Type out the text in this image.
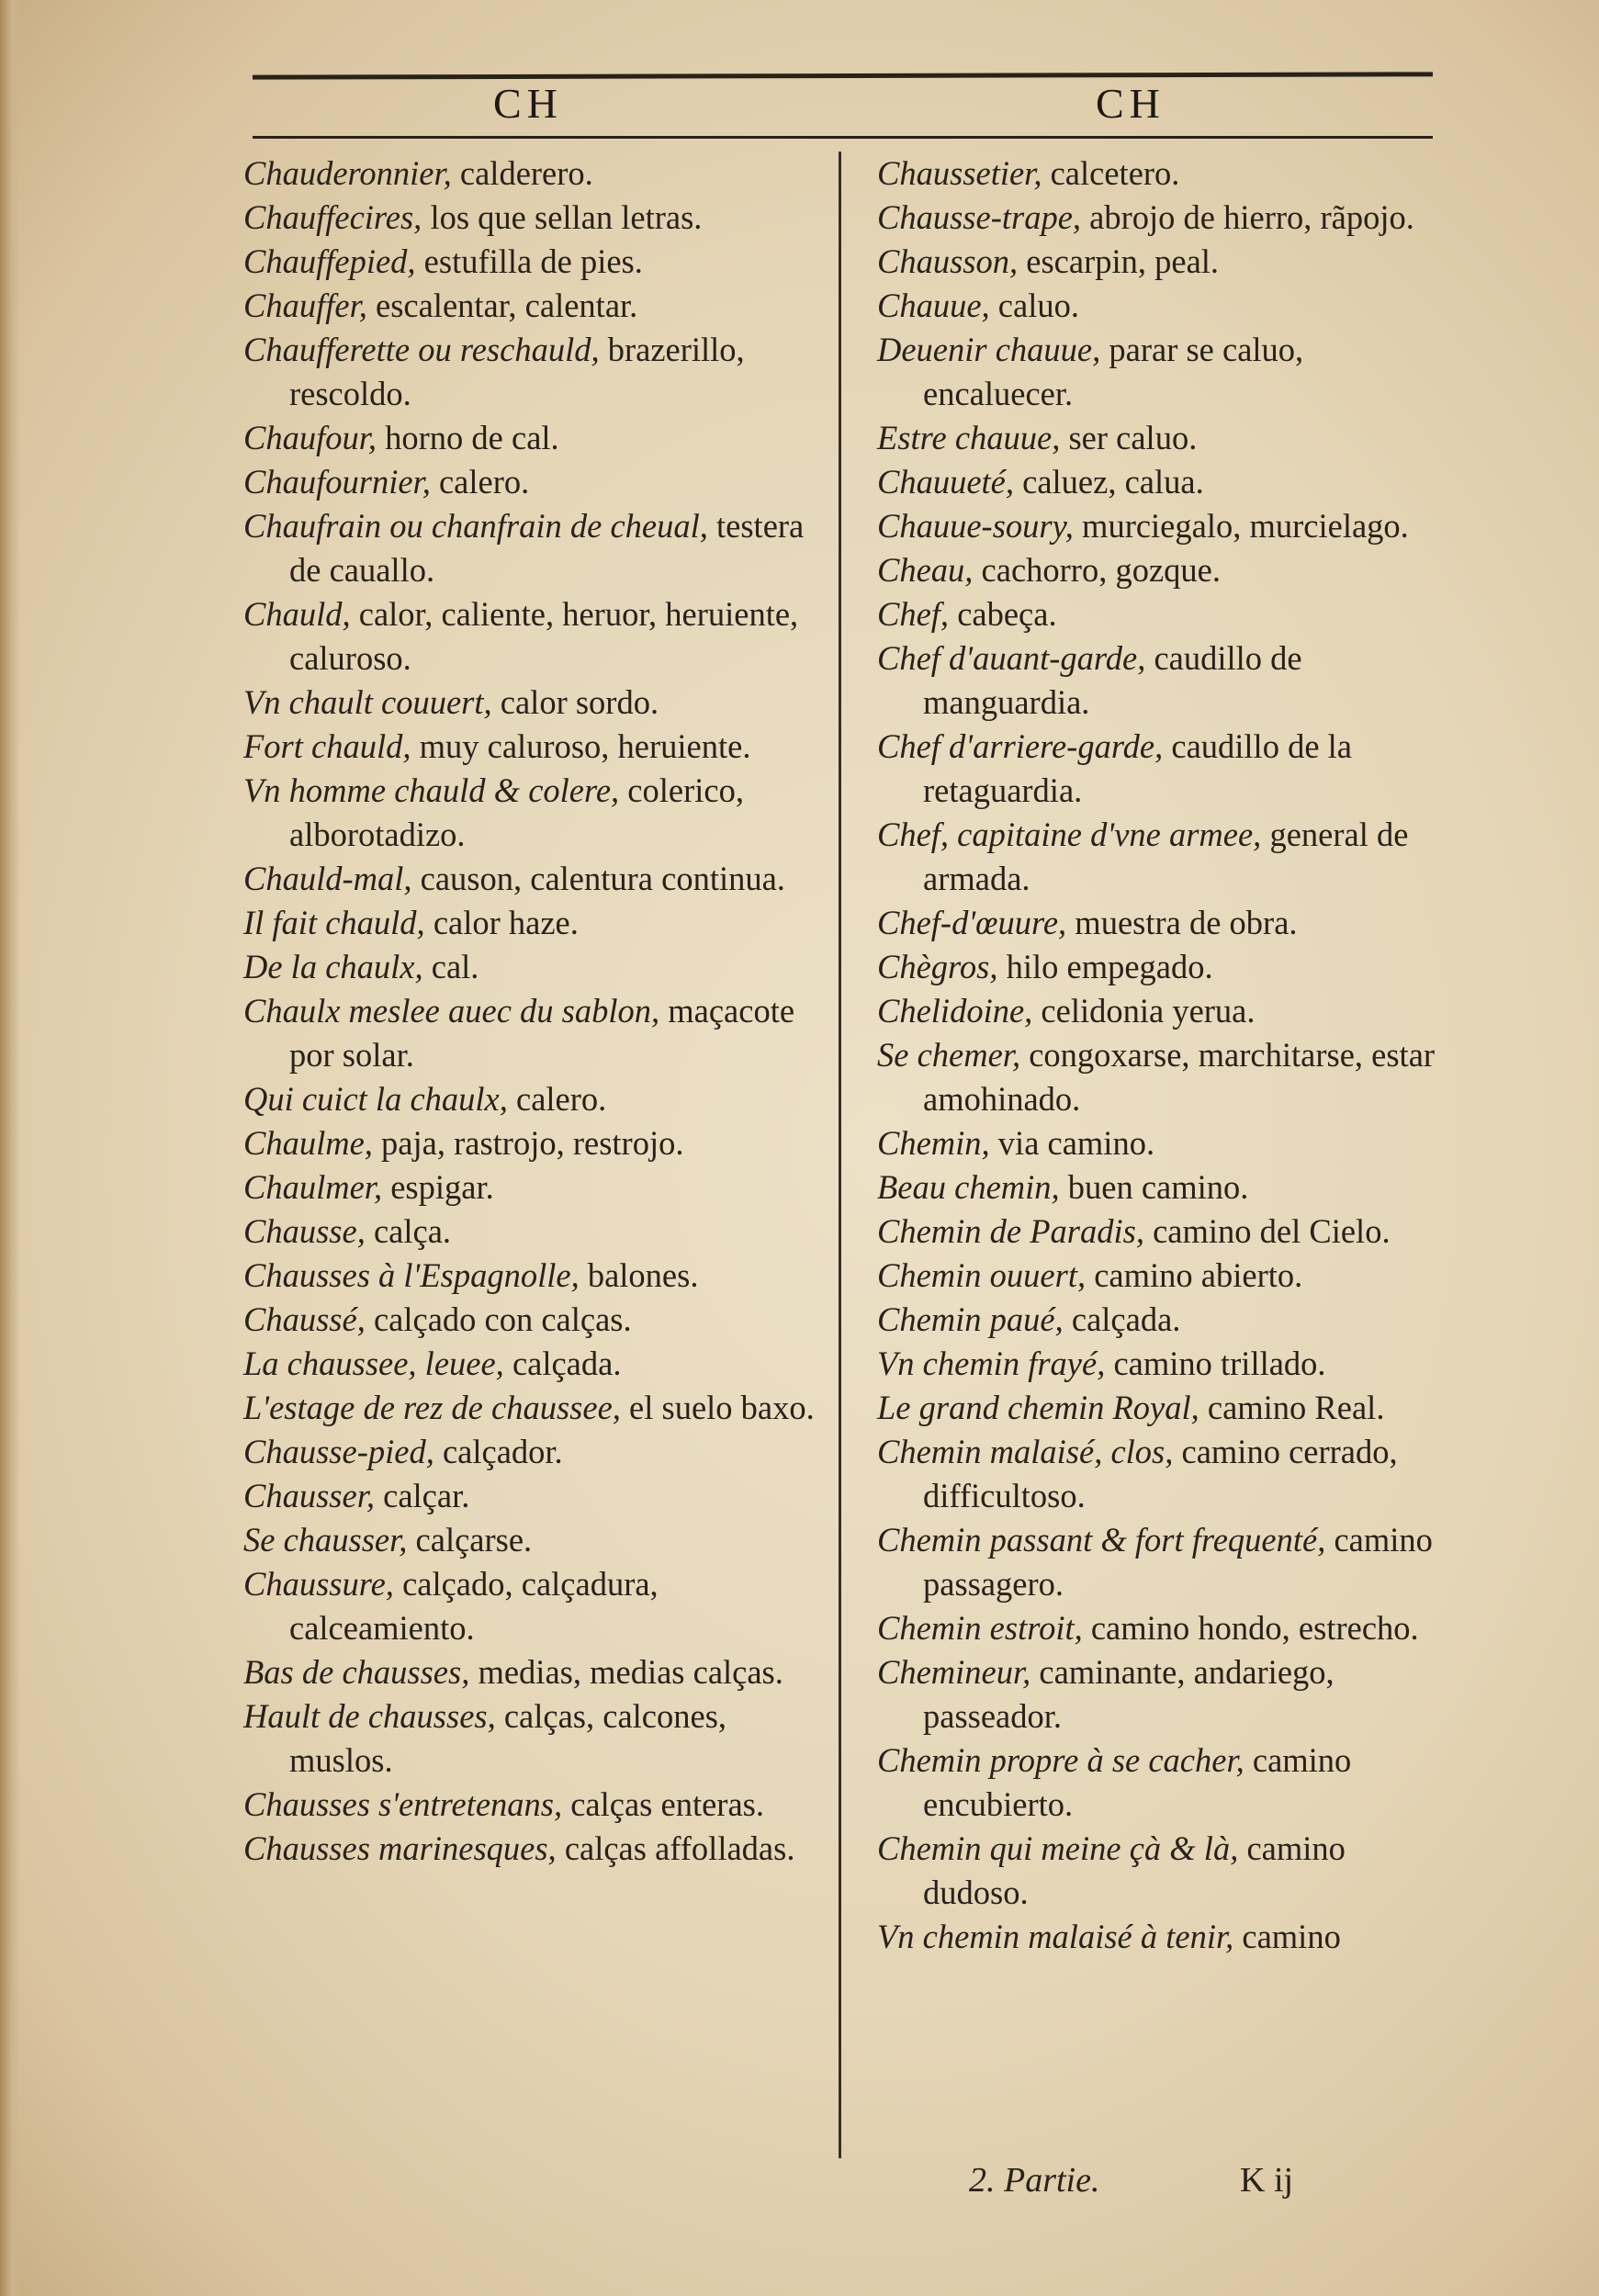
CH	CH

Chauderonnier, calderero.

Chauffecires, los que sellan letras.

Chauffepied, estufilla de pies.

Chauffer, escalentar, calentar.

Chaufferette ou reschauld, brazerillo, rescoldo.

Chaufour, horno de cal.

Chaufournier, calero.

Chaufrain ou chanfrain de cheual, testera de cauallo.

Chauld, calor, caliente, heruor, heruiente, caluroso.

Vn chault couuert, calor sordo.

Fort chauld, muy caluroso, heruiente.

Vn homme chauld & colere, colerico, alborotadizo.

Chauld-mal, causon, calentura continua.

Il fait chauld, calor haze.

De la chaulx, cal.

Chaulx meslee auec du sablon, maçacote por solar.

Qui cuict la chaulx, calero.

Chaulme, paja, rastrojo, restrojo.

Chaulmer, espigar.

Chausse, calça.

Chausses à l'Espagnolle, balones.

Chaussé, calçado con calças.

La chaussee, leuee, calçada.

L'estage de rez de chaussee, el suelo baxo.

Chausse-pied, calçador.

Chausser, calçar.

Se chausser, calçarse.

Chaussure, calçado, calçadura, calceamiento.

Bas de chausses, medias, medias calças.

Hault de chausses, calças, calcones, muslos.

Chausses s'entretenans, calças enteras.

Chausses marinesques, calças affolladas.

Chaussetier, calcetero.

Chausse-trape, abrojo de hierro, rãpojo.

Chausson, escarpin, peal.

Chauue, caluo.

Deuenir chauue, parar se caluo, encaluecer.

Estre chauue, ser caluo.

Chauueté, caluez, calua.

Chauue-soury, murciegalo, murcielago.

Cheau, cachorro, gozque.

Chef, cabeça.

Chef d'auant-garde, caudillo de manguardia.

Chef d'arriere-garde, caudillo de la retaguardia.

Chef, capitaine d'vne armee, general de armada.

Chef-d'œuure, muestra de obra.

Chègros, hilo empegado.

Chelidoine, celidonia yerua.

Se chemer, congoxarse, marchitarse, estar amohinado.

Chemin, via camino.

Beau chemin, buen camino.

Chemin de Paradis, camino del Cielo.

Chemin ouuert, camino abierto.

Chemin paué, calçada.

Vn chemin frayé, camino trillado.

Le grand chemin Royal, camino Real.

Chemin malaisé, clos, camino cerrado, difficultoso.

Chemin passant & fort frequenté, camino passagero.

Chemin estroit, camino hondo, estrecho.

Chemineur, caminante, andariego, passeador.

Chemin propre à se cacher, camino encubierto.

Chemin qui meine çà & là, camino dudoso.

Vn chemin malaisé à tenir, camino

2. Partie.	K ij
